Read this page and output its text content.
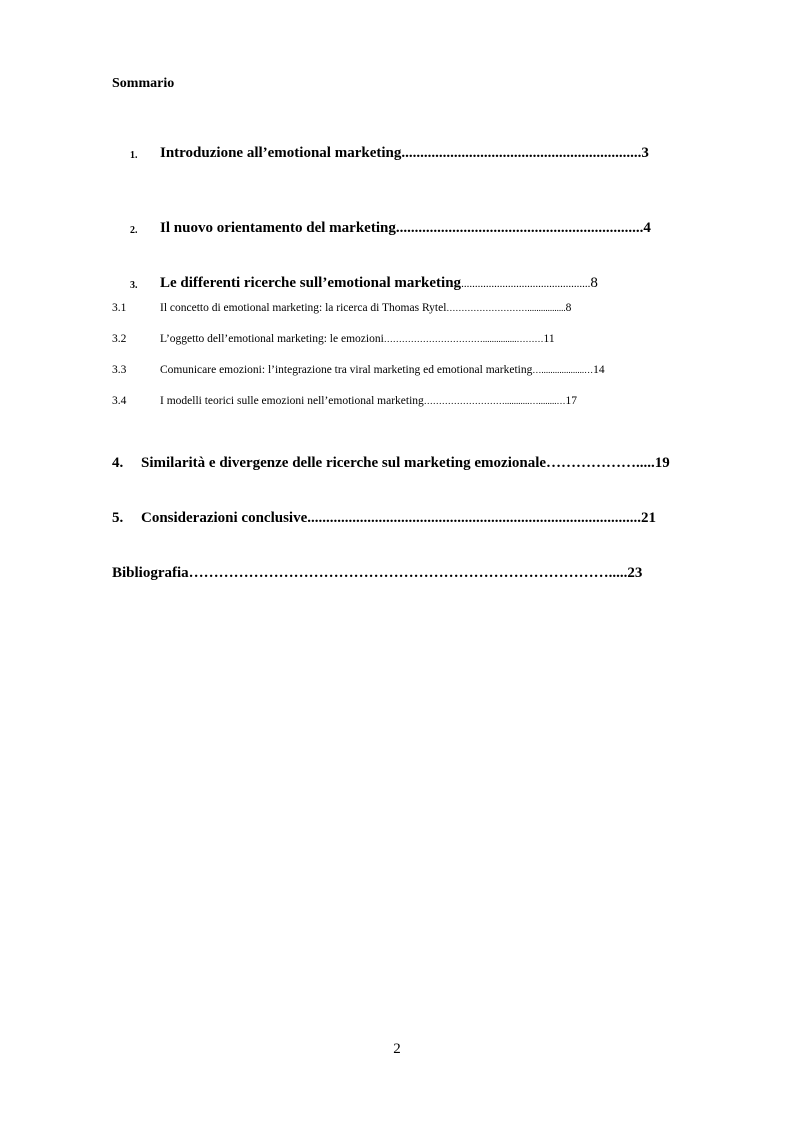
Sommario
1. Introduzione all’emotional marketing................................................................3
2. Il nuovo orientamento del marketing..................................................................4
3. Le differenti ricerche sull’emotional marketing...............................................8
3.1	Il concetto di emotional marketing: la ricerca di Thomas Rytel……………………….................8
3.2	L’oggetto dell’emotional marketing: le emozioni……………………………...............………11
3.3	Comunicare emozioni: l’integrazione tra viral marketing ed emotional marketing…...................…14
3.4	I modelli teorici sulle emozioni nell’emotional marketing………………………...........…........…17
4. Similarità e divergenze delle ricerche sul marketing emozionale……………….....19
5. Considerazioni conclusive.........................................................................................21
Bibliografia………………………………………………………………………….....23
2
